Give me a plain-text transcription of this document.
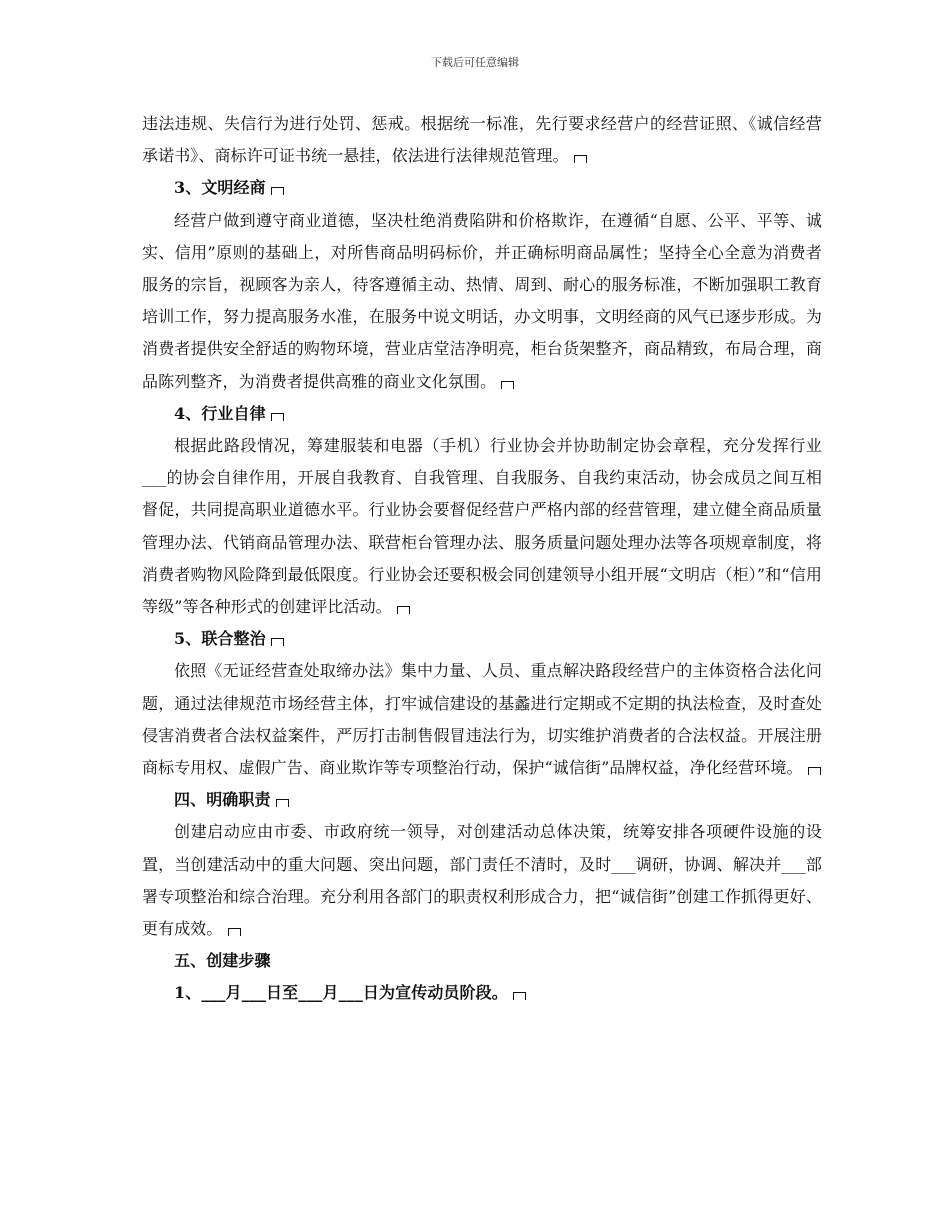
下载后可任意编辑

违法违规、失信行为进行处罚、惩戒。根据统一标准，先行要求经营户的经营证照、《诚信经营承诺书》、商标许可证书统一悬挂，依法进行法律规范管理。

3、文明经商

经营户做到遵守商业道德，坚决杜绝消费陷阱和价格欺诈，在遵循“自愿、公平、平等、诚实、信用”原则的基础上，对所售商品明码标价，并正确标明商品属性；坚持全心全意为消费者服务的宗旨，视顾客为亲人，待客遵循主动、热情、周到、耐心的服务标准，不断加强职工教育培训工作，努力提高服务水准，在服务中说文明话，办文明事，文明经商的风气已逐步形成。为消费者提供安全舒适的购物环境，营业店堂洁净明亮，柜台货架整齐，商品精致，布局合理，商品陈列整齐，为消费者提供高雅的商业文化氛围。

4、行业自律

根据此路段情况，筹建服装和电器（手机）行业协会并协助制定协会章程，充分发挥行业___的协会自律作用，开展自我教育、自我管理、自我服务、自我约束活动，协会成员之间互相督促，共同提高职业道德水平。行业协会要督促经营户严格内部的经营管理，建立健全商品质量管理办法、代销商品管理办法、联营柜台管理办法、服务质量问题处理办法等各项规章制度，将消费者购物风险降到最低限度。行业协会还要积极会同创建领导小组开展“文明店（柜）”和“信用等级”等各种形式的创建评比活动。

5、联合整治

依照《无证经营查处取缔办法》集中力量、人员、重点解决路段经营户的主体资格合法化问题，通过法律规范市场经营主体，打牢诚信建设的基蠡进行定期或不定期的执法检查，及时查处侵害消费者合法权益案件，严厉打击制售假冒违法行为，切实维护消费者的合法权益。开展注册商标专用权、虚假广告、商业欺诈等专项整治行动，保护“诚信街”品牌权益，净化经营环境。

四、明确职责

创建启动应由市委、市政府统一领导，对创建活动总体决策，统筹安排各项硬件设施的设置，当创建活动中的重大问题、突出问题，部门责任不清时，及时___调研，协调、解决并___部署专项整治和综合治理。充分利用各部门的职责权利形成合力，把“诚信街”创建工作抓得更好、更有成效。

五、创建步骤

1、___月___日至___月___日为宣传动员阶段。
